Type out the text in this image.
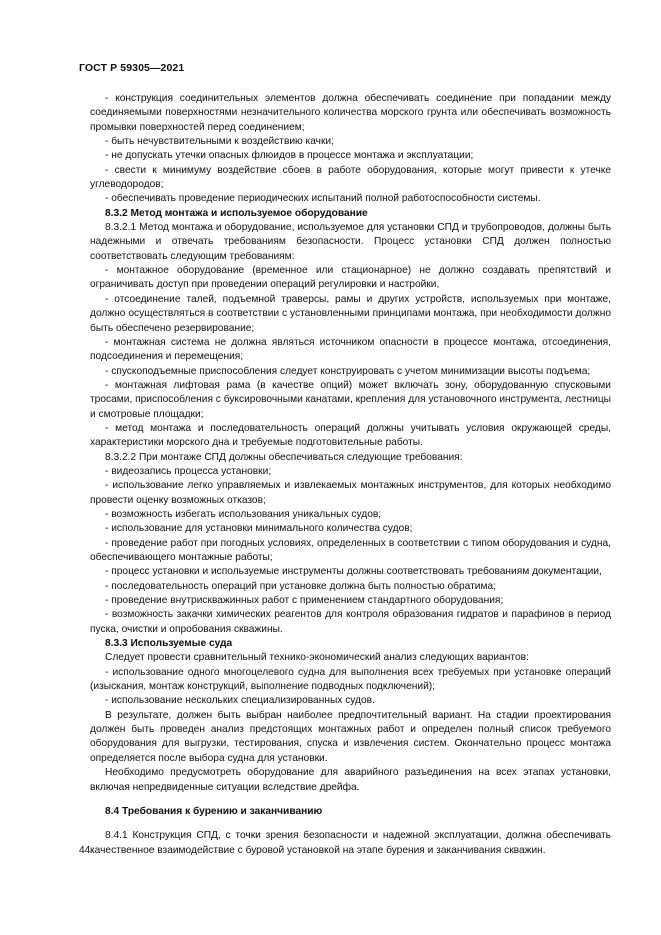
ГОСТ Р 59305—2021

- конструкция соединительных элементов должна обеспечивать соединение при попадании между соединяемыми поверхностями незначительного количества морского грунта или обеспечивать возможность промывки поверхностей перед соединением;

- быть нечувствительными к воздействию качки;

- не допускать утечки опасных флюидов в процессе монтажа и эксплуатации;

- свести к минимуму воздействие сбоев в работе оборудования, которые могут привести к утечке углеводородов;

- обеспечивать проведение периодических испытаний полной работоспособности системы.

8.3.2 Метод монтажа и используемое оборудование

8.3.2.1 Метод монтажа и оборудование, используемое для установки СПД и трубопроводов, должны быть надежными и отвечать требованиям безопасности. Процесс установки СПД должен полностью соответствовать следующим требованиям:

- монтажное оборудование (временное или стационарное) не должно создавать препятствий и ограничивать доступ при проведении операций регулировки и настройки,

- отсоединение талей, подъемной траверсы, рамы и других устройств, используемых при монтаже, должно осуществляться в соответствии с установленными принципами монтажа, при необходимости должно быть обеспечено резервирование;

- монтажная система не должна являться источником опасности в процессе монтажа, отсоединения, подсоединения и перемещения;

- спускоподъемные приспособления следует конструировать с учетом минимизации высоты подъема;

- монтажная лифтовая рама (в качестве опций) может включать зону, оборудованную спусковыми тросами, приспособления с буксировочными канатами, крепления для установочного инструмента, лестницы и смотровые площадки;

- метод монтажа и последовательность операций должны учитывать условия окружающей среды, характеристики морского дна и требуемые подготовительные работы.

8.3.2.2 При монтаже СПД должны обеспечиваться следующие требования:

- видеозапись процесса установки;

- использование легко управляемых и извлекаемых монтажных инструментов, для которых необходимо провести оценку возможных отказов;

- возможность избегать использования уникальных судов;

- использование для установки минимального количества судов;

- проведение работ при погодных условиях, определенных в соответствии с типом оборудования и судна, обеспечивающего монтажные работы;

- процесс установки и используемые инструменты должны соответствовать требованиям документации,

- последовательность операций при установке должна быть полностью обратима;

- проведение внутрискважинных работ с применением стандартного оборудования;

- возможность закачки химических реагентов для контроля образования гидратов и парафинов в период пуска, очистки и опробования скважины.

8.3.3 Используемые суда

Следует провести сравнительный технико-экономический анализ следующих вариантов:

- использование одного многоцелевого судна для выполнения всех требуемых при установке операций (изыскания, монтаж конструкций, выполнение подводных подключений);

- использование нескольких специализированных судов.

В результате, должен быть выбран наиболее предпочтительный вариант. На стадии проектирования должен быть проведен анализ предстоящих монтажных работ и определен полный список требуемого оборудования для выгрузки, тестирования, спуска и извлечения систем. Окончательно процесс монтажа определяется после выбора судна для установки.

Необходимо предусмотреть оборудование для аварийного разъединения на всех этапах установки, включая непредвиденные ситуации вследствие дрейфа.

8.4 Требования к бурению и заканчиванию

8.4.1 Конструкция СПД, с точки зрения безопасности и надежной эксплуатации, должна обеспечивать качественное взаимодействие с буровой установкой на этапе бурения и заканчивания скважин.

44
